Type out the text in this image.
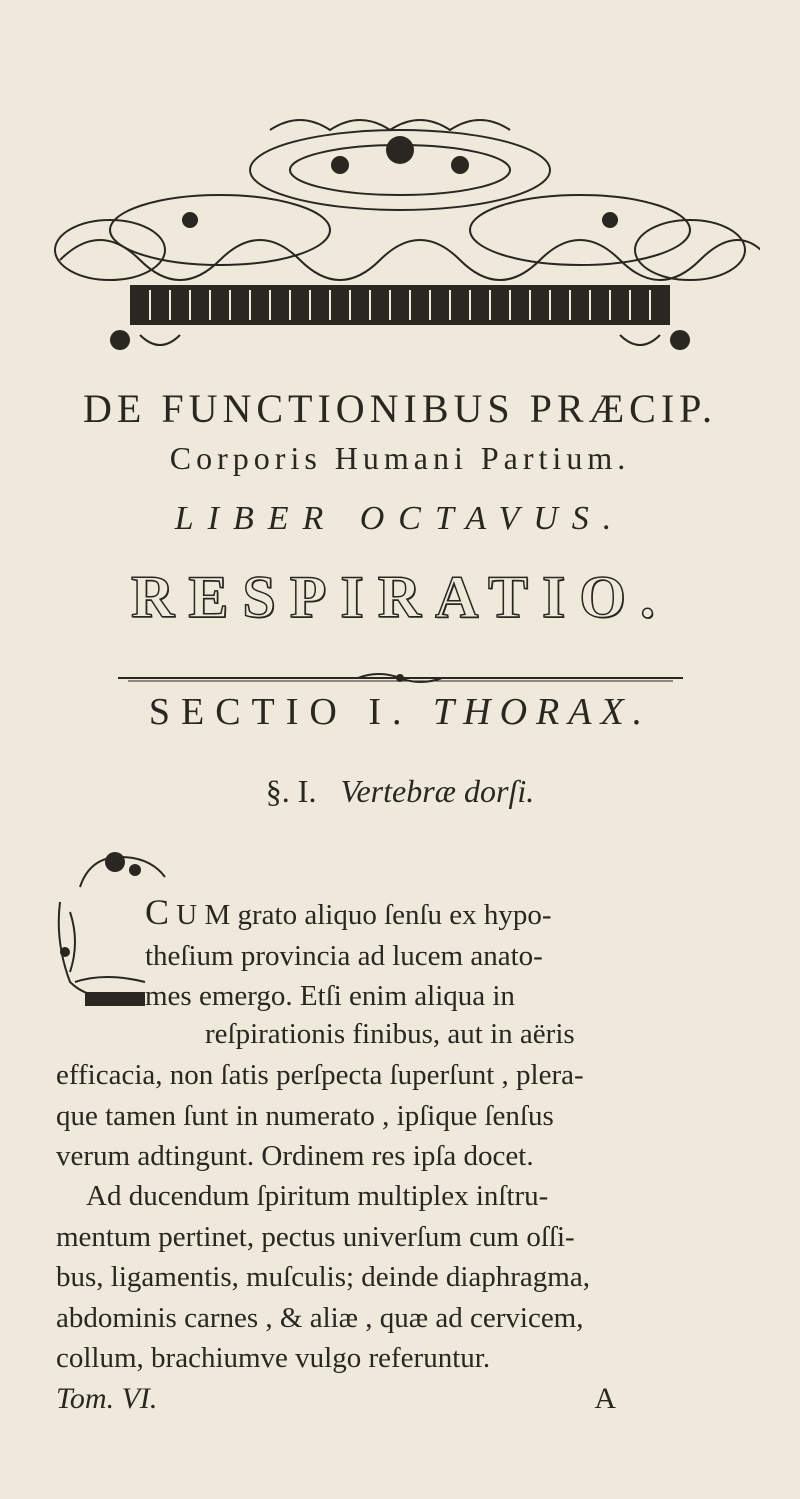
DE FUNCTIONIBUS PRÆCIP.
Corporis Humani Partium.
LIBER OCTAVUS.
RESPIRATIO.
SECTIO I. THORAX.
§. I. Vertebræ dorſi.

C U M grato aliquo ſenſu ex hypo-

theſium provincia ad lucem anato-

mes emergo. Etſi enim aliqua in

reſpirationis finibus, aut in aëris

efficacia, non ſatis perſpecta ſuperſunt , plera-

que tamen ſunt in numerato , ipſique ſenſus

verum adtingunt. Ordinem res ipſa docet.

Ad ducendum ſpiritum multiplex inſtru-

mentum pertinet, pectus univerſum cum oſſi-

bus, ligamentis, muſculis; deinde diaphragma,

abdominis carnes , & aliæ , quæ ad cervicem,

collum, brachiumve vulgo referuntur.

Tom. VI.	A
